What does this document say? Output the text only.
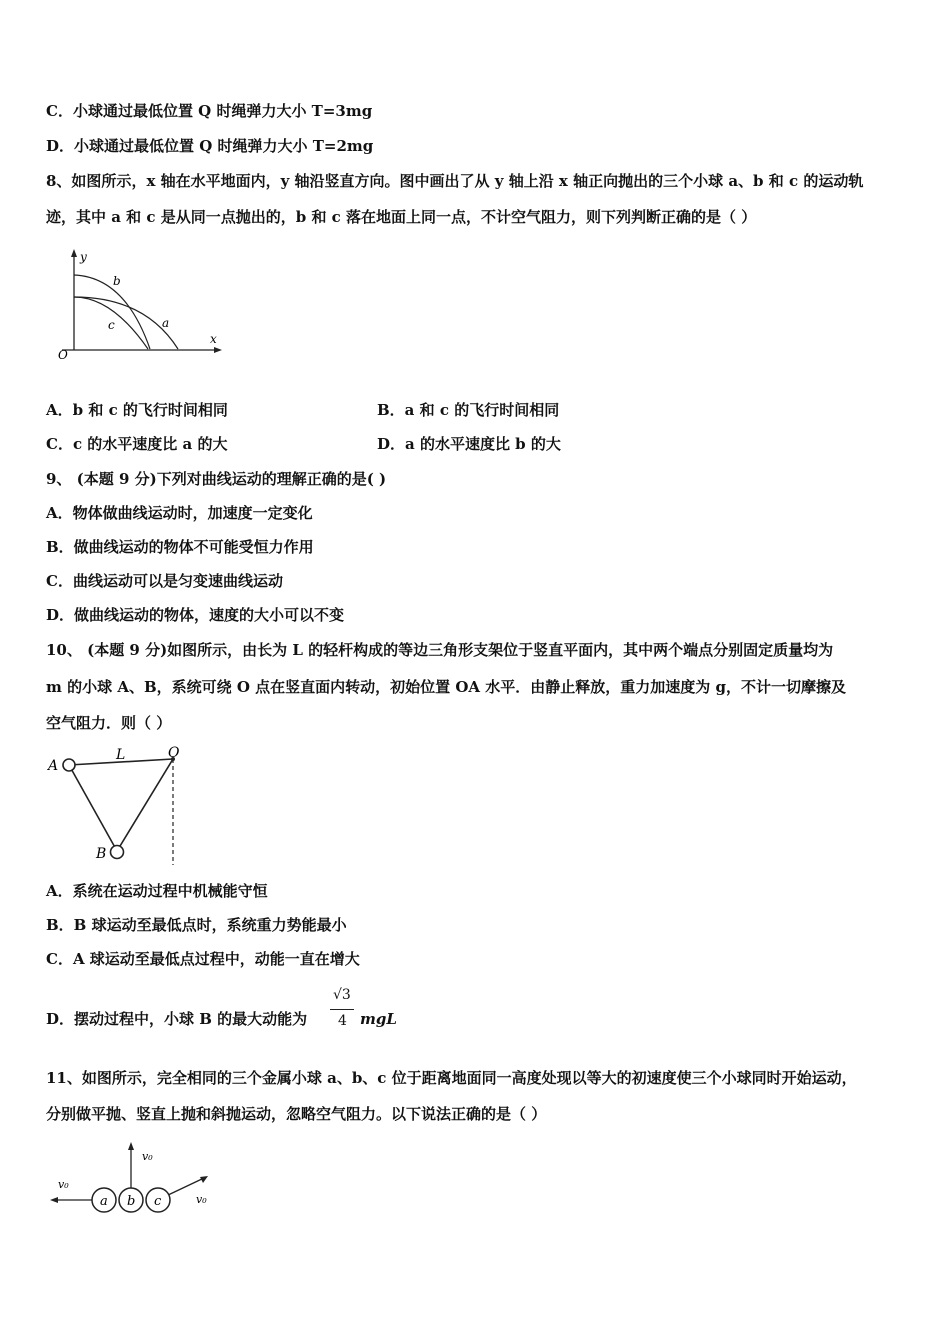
C．小球通过最低位置 Q 时绳弹力大小 T=3mg
D．小球通过最低位置 Q 时绳弹力大小 T=2mg
8、如图所示，x 轴在水平地面内，y 轴沿竖直方向。图中画出了从 y 轴上沿 x 轴正向抛出的三个小球 a、b 和 c 的运动轨
迹，其中 a 和 c 是从同一点抛出的，b 和 c 落在地面上同一点，不计空气阻力，则下列判断正确的是（ ）
y
x
O
b
c	a
A．b 和 c 的飞行时间相同	B．a 和 c 的飞行时间相同
C．c 的水平速度比 a 的大	D．a 的水平速度比 b 的大
9、 (本题 9 分)下列对曲线运动的理解正确的是( )
A．物体做曲线运动时，加速度一定变化
B．做曲线运动的物体不可能受恒力作用
C．曲线运动可以是匀变速曲线运动
D．做曲线运动的物体，速度的大小可以不变
10、 (本题 9 分)如图所示，由长为 L 的轻杆构成的等边三角形支架位于竖直平面内，其中两个端点分别固定质量均为
m 的小球 A、B，系统可绕 O 点在竖直面内转动，初始位置 OA 水平．由静止释放，重力加速度为 g，不计一切摩擦及
空气阻力．则（ ）
A
B
L	O
A．系统在运动过程中机械能守恒
B．B 球运动至最低点时，系统重力势能最小
C．A 球运动至最低点过程中，动能一直在增大
D．摆动过程中，小球 B 的最大动能为
√3
4 mgL
11、如图所示，完全相同的三个金属小球 a、b、c 位于距离地面同一高度处现以等大的初速度使三个小球同时开始运动，
分别做平抛、竖直上抛和斜抛运动，忽略空气阻力。以下说法正确的是（ ）
a b c
v₀
v₀
v₀
